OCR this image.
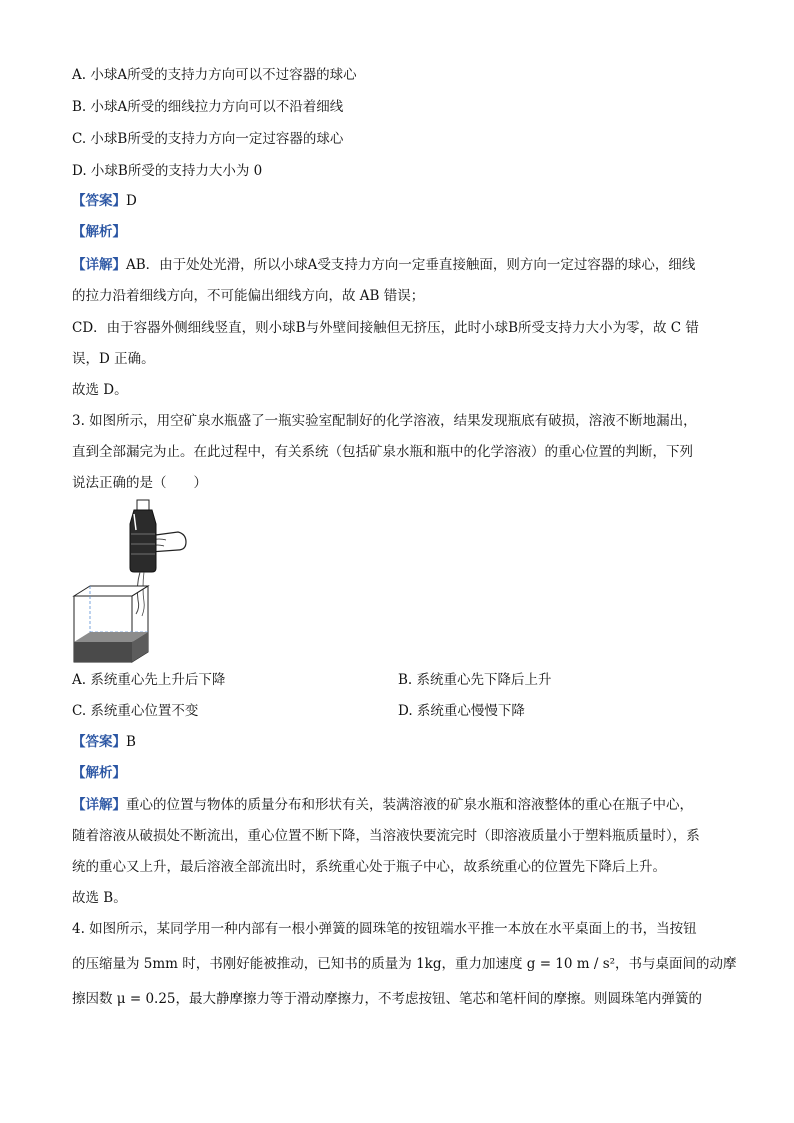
A. 小球A所受的支持力方向可以不过容器的球心
B. 小球A所受的细线拉力方向可以不沿着细线
C. 小球B所受的支持力方向一定过容器的球心
D. 小球B所受的支持力大小为 0
【答案】D
【解析】
【详解】AB．由于处处光滑，所以小球A受支持力方向一定垂直接触面，则方向一定过容器的球心，细线
的拉力沿着细线方向，不可能偏出细线方向，故 AB 错误；
CD．由于容器外侧细线竖直，则小球B与外壁间接触但无挤压，此时小球B所受支持力大小为零，故 C 错
误，D 正确。
故选 D。
3. 如图所示，用空矿泉水瓶盛了一瓶实验室配制好的化学溶液，结果发现瓶底有破损，溶液不断地漏出，
直到全部漏完为止。在此过程中，有关系统（包括矿泉水瓶和瓶中的化学溶液）的重心位置的判断，下列
说法正确的是（　　）
A. 系统重心先上升后下降	B. 系统重心先下降后上升
C. 系统重心位置不变	D. 系统重心慢慢下降
【答案】B
【解析】
【详解】重心的位置与物体的质量分布和形状有关，装满溶液的矿泉水瓶和溶液整体的重心在瓶子中心，
随着溶液从破损处不断流出，重心位置不断下降，当溶液快要流完时（即溶液质量小于塑料瓶质量时），系
统的重心又上升，最后溶液全部流出时，系统重心处于瓶子中心，故系统重心的位置先下降后上升。
故选 B。
4. 如图所示，某同学用一种内部有一根小弹簧的圆珠笔的按钮端水平推一本放在水平桌面上的书，当按钮
的压缩量为 5mm 时，书刚好能被推动，已知书的质量为 1kg，重力加速度 g = 10 m / s²，书与桌面间的动摩
擦因数 μ = 0.25，最大静摩擦力等于滑动摩擦力，不考虑按钮、笔芯和笔杆间的摩擦。则圆珠笔内弹簧的
